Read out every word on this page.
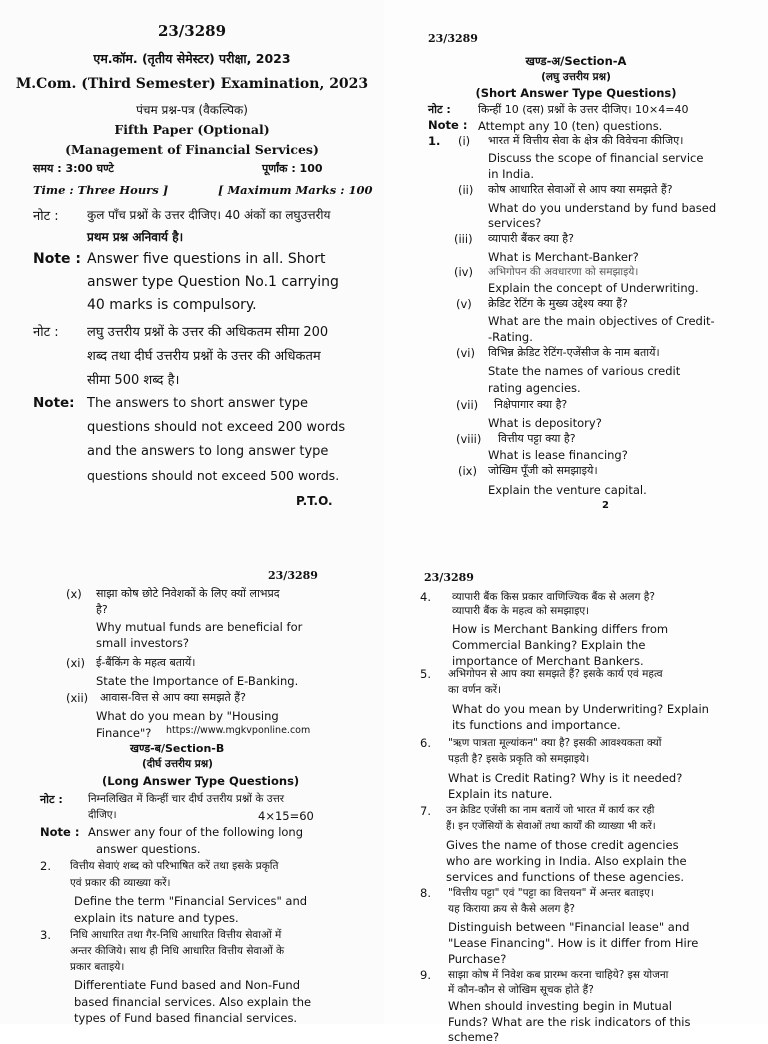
23/3289
एम.कॉम. (तृतीय सेमेस्टर) परीक्षा, 2023
M.Com. (Third Semester) Examination, 2023
पंचम प्रश्न-पत्र (वैकल्पिक)
Fifth Paper (Optional)
(Management of Financial Services)
समय : 3:00 घण्टे	पूर्णांक : 100
Time : Three Hours ]	[ Maximum Marks : 100
नोट : कुल पाँच प्रश्नों के उत्तर दीजिए। 40 अंकों का लघुउत्तरीय
प्रथम प्रश्न अनिवार्य है।
Note : Answer five questions in all. Short
answer type Question No.1 carrying
40 marks is compulsory.
नोट : लघु उत्तरीय प्रश्नों के उत्तर की अधिकतम सीमा 200
शब्द तथा दीर्घ उत्तरीय प्रश्नों के उत्तर की अधिकतम
सीमा 500 शब्द है।
Note: The answers to short answer type
questions should not exceed 200 words
and the answers to long answer type
questions should not exceed 500 words.
P.T.O.
23/3289
खण्ड-अ/Section-A
(लघु उत्तरीय प्रश्न)
(Short Answer Type Questions)
नोट : किन्हीं 10 (दस) प्रश्नों के उत्तर दीजिए। 10×4=40
Note : Attempt any 10 (ten) questions.
1. (i) भारत में वित्तीय सेवा के क्षेत्र की विवेचना कीजिए।
Discuss the scope of financial service
in India.
(ii) कोष आधारित सेवाओं से आप क्या समझते हैं?
What do you understand by fund based
services?
(iii) व्यापारी बैंकर क्या है?
What is Merchant-Banker?
(iv) अभिगोपन की अवधारणा को समझाइये।
Explain the concept of Underwriting.
(v) क्रेडिट रेटिंग के मुख्य उद्देश्य क्या हैं?
What are the main objectives of Credit-
-Rating.
(vi) विभिन्न क्रेडिट रेटिंग-एजेंसीज के नाम बतायें।
State the names of various credit
rating agencies.
(vii) निक्षेपागार क्या है?
What is depository?
(viii) वित्तीय पट्टा क्या है?
What is lease financing?
(ix) जोखिम पूँजी को समझाइये।
Explain the venture capital.
2
23/3289
(x) साझा कोष छोटे निवेशकों के लिए क्यों लाभप्रद
है?
Why mutual funds are beneficial for
small investors?
(xi) ई-बैंकिंग के महत्व बतायें।
State the Importance of E-Banking.
(xii) आवास-वित्त से आप क्या समझते हैं?
What do you mean by "Housing
Finance"? https://www.mgkvponline.com
खण्ड-ब/Section-B
(दीर्घ उत्तरीय प्रश्न)
(Long Answer Type Questions)
नोट : निम्नलिखित में किन्हीं चार दीर्घ उत्तरीय प्रश्नों के उत्तर
दीजिए।	4×15=60
Note : Answer any four of the following long
answer questions.
2. वित्तीय सेवाएं शब्द को परिभाषित करें तथा इसके प्रकृति
एवं प्रकार की व्याख्या करें।
Define the term "Financial Services" and
explain its nature and types.
3. निधि आधारित तथा गैर-निधि आधारित वित्तीय सेवाओं में
अन्तर कीजिये। साथ ही निधि आधारित वित्तीय सेवाओं के
प्रकार बताइये।
Differentiate Fund based and Non-Fund
based financial services. Also explain the
types of Fund based financial services.
23/3289
4. व्यापारी बैंक किस प्रकार वाणिज्यिक बैंक से अलग है?
व्यापारी बैंक के महत्व को समझाइए।
How is Merchant Banking differs from
Commercial Banking? Explain the
importance of Merchant Bankers.
5. अभिगोपन से आप क्या समझते हैं? इसके कार्य एवं महत्व
का वर्णन करें।
What do you mean by Underwriting? Explain
its functions and importance.
6. "ऋण पात्रता मूल्यांकन" क्या है? इसकी आवश्यकता क्यों
पड़ती है? इसके प्रकृति को समझाइये।
What is Credit Rating? Why is it needed?
Explain its nature.
7. उन क्रेडिट एजेंसी का नाम बतायें जो भारत में कार्य कर रही
हैं। इन एजेंसियों के सेवाओं तथा कार्यों की व्याख्या भी करें।
Gives the name of those credit agencies
who are working in India. Also explain the
services and functions of these agencies.
8. "वित्तीय पट्टा" एवं "पट्टा का वित्तयन" में अन्तर बताइए।
यह किराया क्रय से कैसे अलग है?
Distinguish between "Financial lease" and
"Lease Financing". How is it differ from Hire
Purchase?
9. साझा कोष में निवेश कब प्रारम्भ करना चाहिये? इस योजना
में कौन-कौन से जोखिम सूचक होते हैं?
When should investing begin in Mutual
Funds? What are the risk indicators of this
scheme?
